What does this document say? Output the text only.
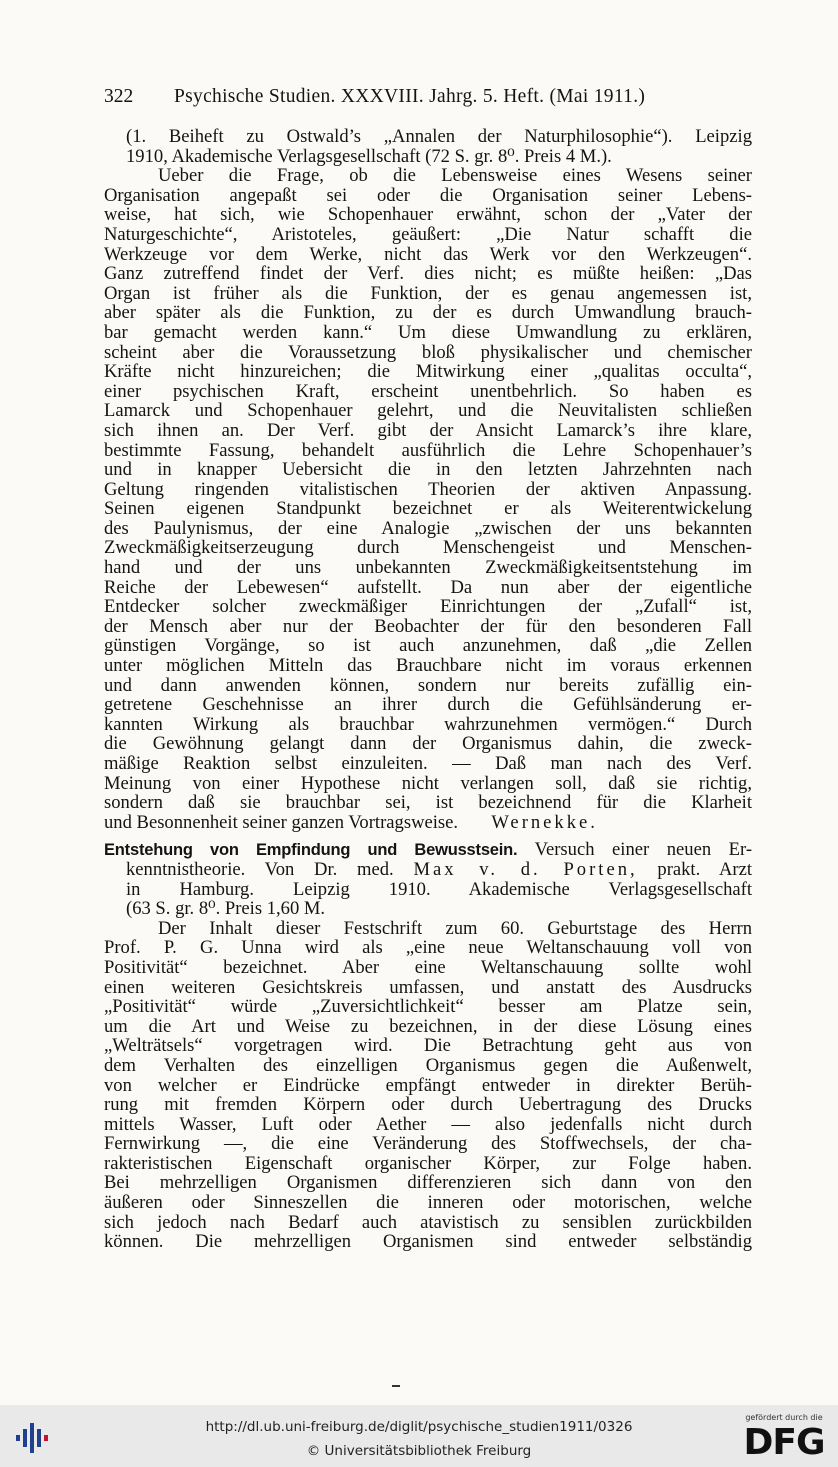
322 Psychische Studien. XXXVIII. Jahrg. 5. Heft. (Mai 1911.)
(1. Beiheft zu Ostwald’s „Annalen der Naturphilosophie“). Leipzig
1910, Akademische Verlagsgesellschaft (72 S. gr. 8⁰. Preis 4 M.).
Ueber die Frage, ob die Lebensweise eines Wesens seiner
Organisation angepaßt sei oder die Organisation seiner Lebens-
weise, hat sich, wie Schopenhauer erwähnt, schon der „Vater der
Naturgeschichte“, Aristoteles, geäußert: „Die Natur schafft die
Werkzeuge vor dem Werke, nicht das Werk vor den Werkzeugen“.
Ganz zutreffend findet der Verf. dies nicht; es müßte heißen: „Das
Organ ist früher als die Funktion, der es genau angemessen ist,
aber später als die Funktion, zu der es durch Umwandlung brauch-
bar gemacht werden kann.“ Um diese Umwandlung zu erklären,
scheint aber die Voraussetzung bloß physikalischer und chemischer
Kräfte nicht hinzureichen; die Mitwirkung einer „qualitas occulta“,
einer psychischen Kraft, erscheint unentbehrlich. So haben es
Lamarck und Schopenhauer gelehrt, und die Neuvitalisten schließen
sich ihnen an. Der Verf. gibt der Ansicht Lamarck’s ihre klare,
bestimmte Fassung, behandelt ausführlich die Lehre Schopenhauer’s
und in knapper Uebersicht die in den letzten Jahrzehnten nach
Geltung ringenden vitalistischen Theorien der aktiven Anpassung.
Seinen eigenen Standpunkt bezeichnet er als Weiterentwickelung
des Paulynismus, der eine Analogie „zwischen der uns bekannten
Zweckmäßigkeitserzeugung durch Menschengeist und Menschen-
hand und der uns unbekannten Zweckmäßigkeitsentstehung im
Reiche der Lebewesen“ aufstellt. Da nun aber der eigentliche
Entdecker solcher zweckmäßiger Einrichtungen der „Zufall“ ist,
der Mensch aber nur der Beobachter der für den besonderen Fall
günstigen Vorgänge, so ist auch anzunehmen, daß „die Zellen
unter möglichen Mitteln das Brauchbare nicht im voraus erkennen
und dann anwenden können, sondern nur bereits zufällig ein-
getretene Geschehnisse an ihrer durch die Gefühlsänderung er-
kannten Wirkung als brauchbar wahrzunehmen vermögen.“ Durch
die Gewöhnung gelangt dann der Organismus dahin, die zweck-
mäßige Reaktion selbst einzuleiten. — Daß man nach des Verf.
Meinung von einer Hypothese nicht verlangen soll, daß sie richtig,
sondern daß sie brauchbar sei, ist bezeichnend für die Klarheit
und Besonnenheit seiner ganzen Vortragsweise. Wernekke.
Entstehung von Empfindung und Bewusstsein. Versuch einer neuen Er-
kenntnistheorie. Von Dr. med. Max v. d. Porten, prakt. Arzt
in Hamburg. Leipzig 1910. Akademische Verlagsgesellschaft
(63 S. gr. 8⁰. Preis 1,60 M.
Der Inhalt dieser Festschrift zum 60. Geburtstage des Herrn
Prof. P. G. Unna wird als „eine neue Weltanschauung voll von
Positivität“ bezeichnet. Aber eine Weltanschauung sollte wohl
einen weiteren Gesichtskreis umfassen, und anstatt des Ausdrucks
„Positivität“ würde „Zuversichtlichkeit“ besser am Platze sein,
um die Art und Weise zu bezeichnen, in der diese Lösung eines
„Welträtsels“ vorgetragen wird. Die Betrachtung geht aus von
dem Verhalten des einzelligen Organismus gegen die Außenwelt,
von welcher er Eindrücke empfängt entweder in direkter Berüh-
rung mit fremden Körpern oder durch Uebertragung des Drucks
mittels Wasser, Luft oder Aether — also jedenfalls nicht durch
Fernwirkung —, die eine Veränderung des Stoffwechsels, der cha-
rakteristischen Eigenschaft organischer Körper, zur Folge haben.
Bei mehrzelligen Organismen differenzieren sich dann von den
äußeren oder Sinneszellen die inneren oder motorischen, welche
sich jedoch nach Bedarf auch atavistisch zu sensiblen zurückbilden
können. Die mehrzelligen Organismen sind entweder selbständig
http://dl.ub.uni-freiburg.de/diglit/psychische_studien1911/0326
© Universitätsbibliothek Freiburg
gefördert durch die
DFG
